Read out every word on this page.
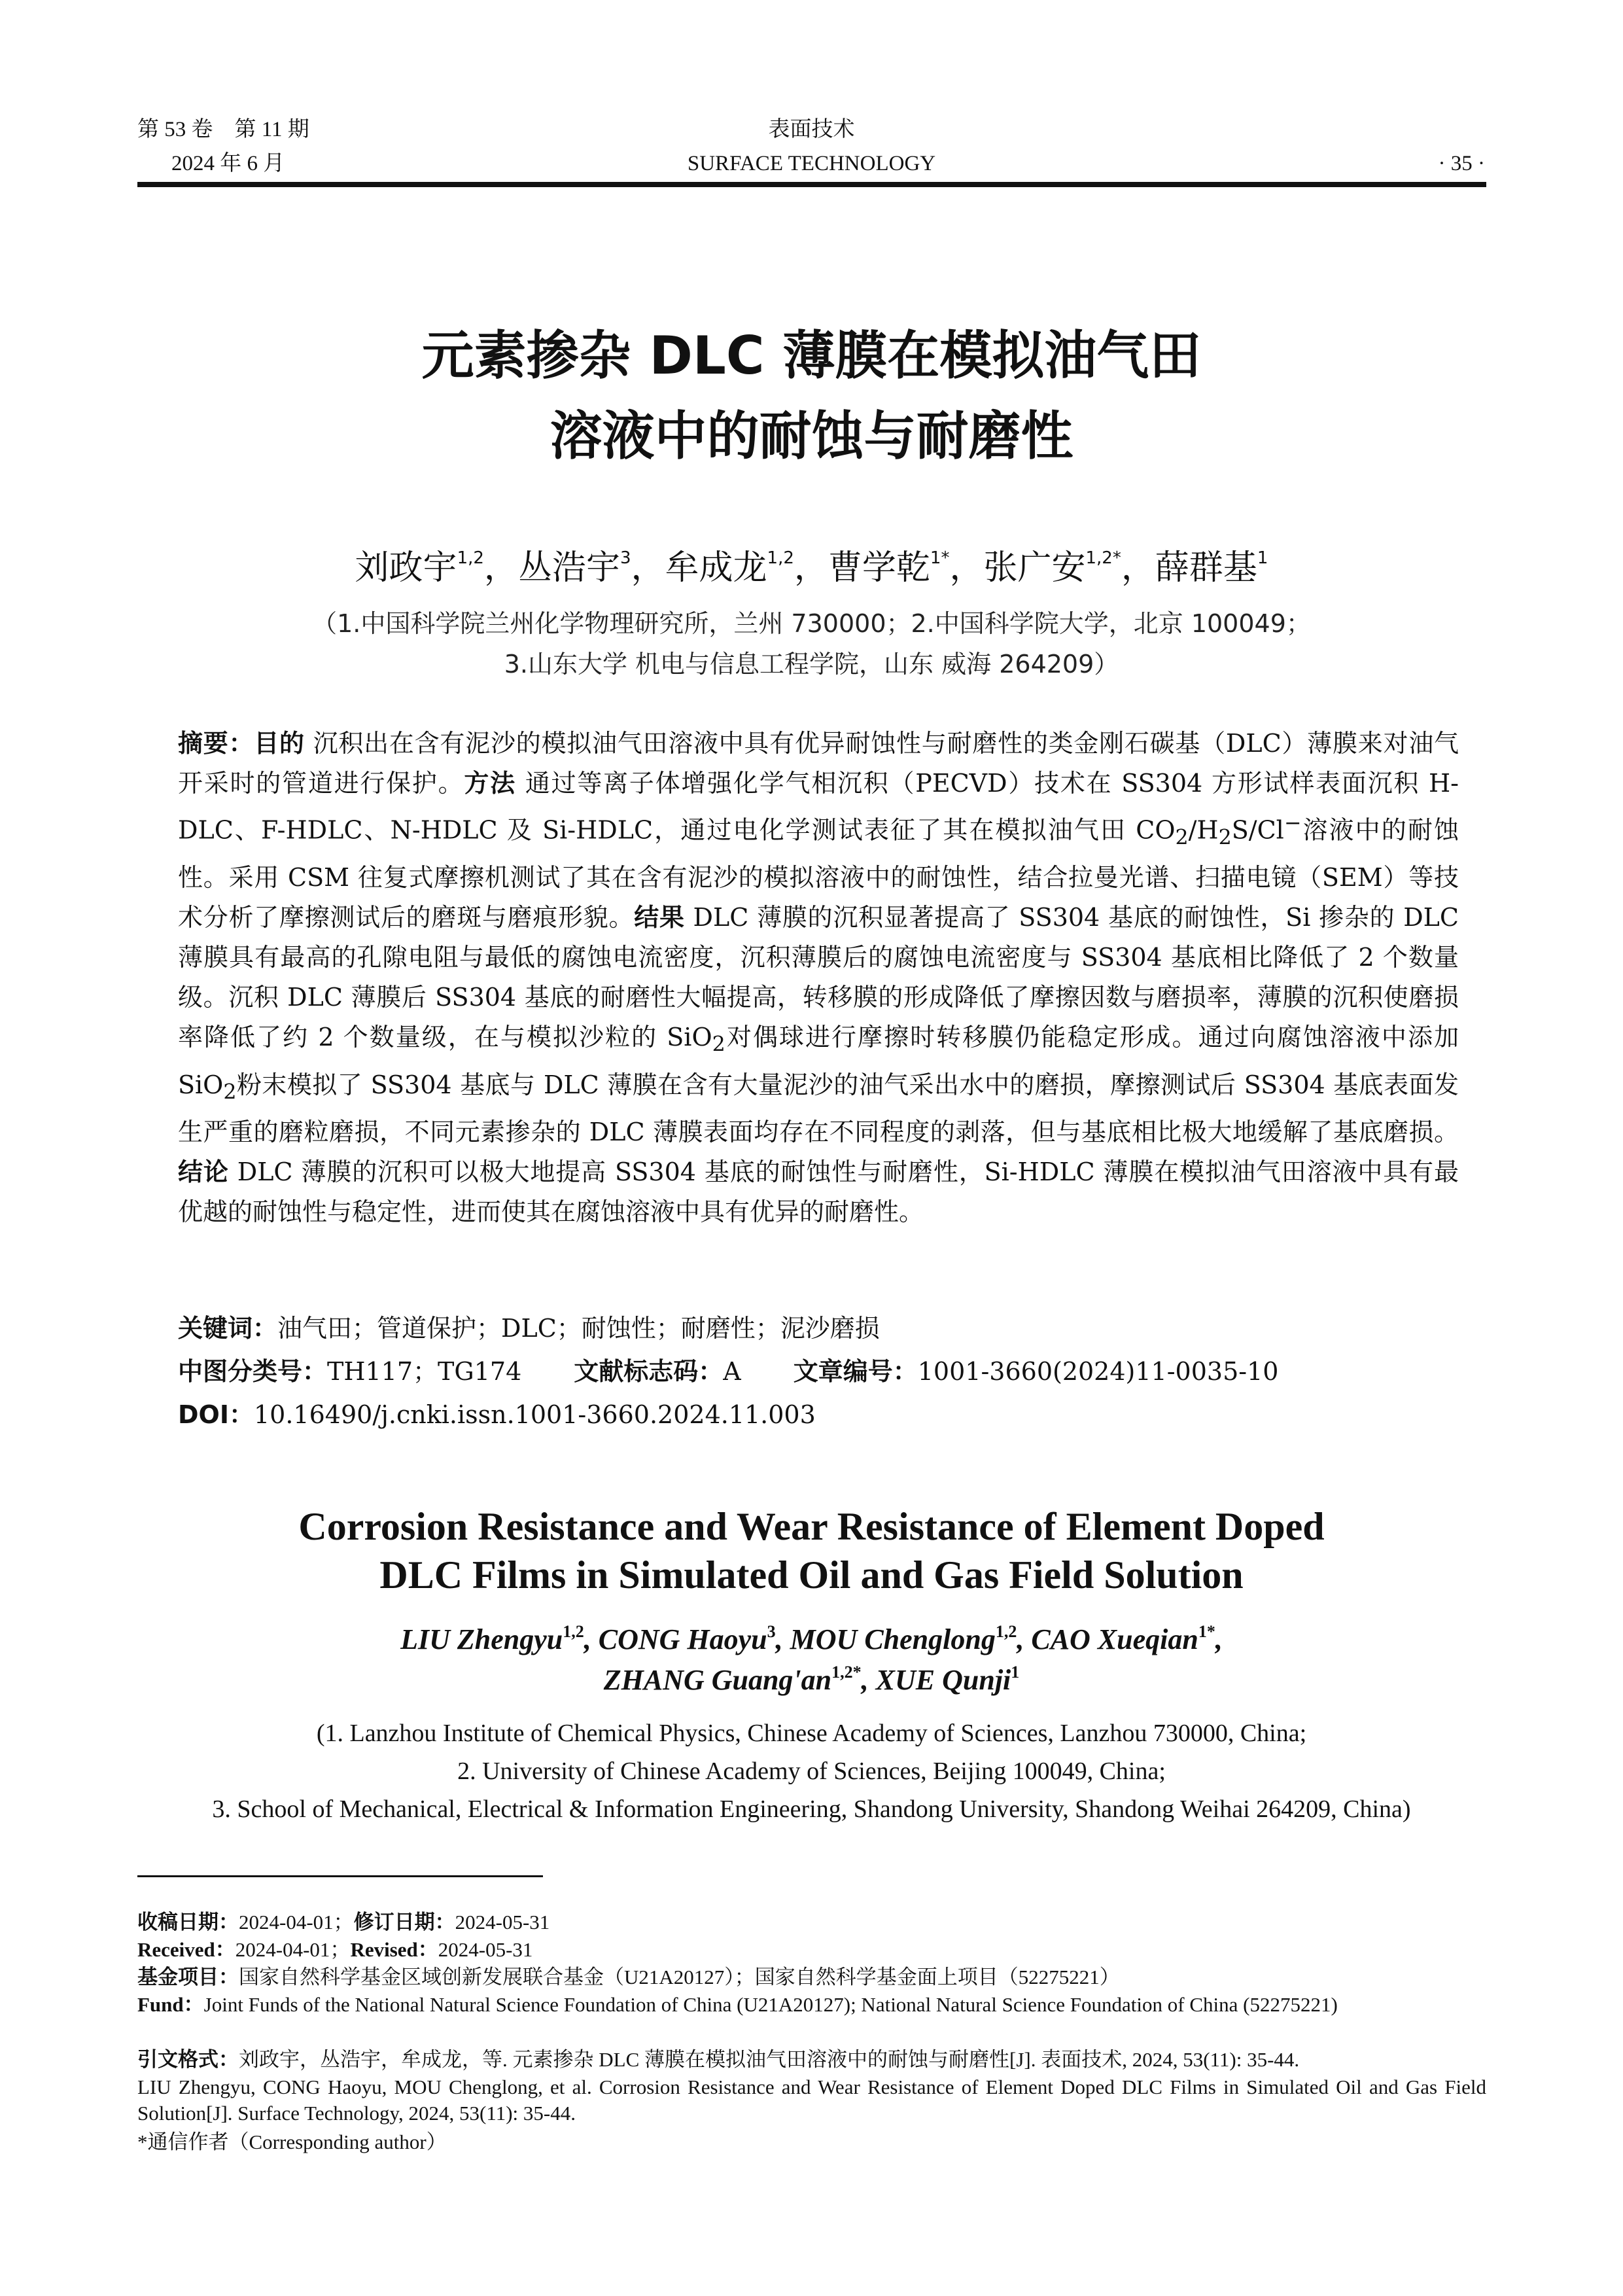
第 53 卷　第 11 期
2024 年 6 月
表面技术
SURFACE TECHNOLOGY	· 35 ·
元素掺杂 DLC 薄膜在模拟油气田
溶液中的耐蚀与耐磨性
刘政宇$^{1,2}$，丛浩宇$^3$，牟成龙$^{1,2}$，曹学乾$^{1*}$，张广安$^{1,2*}$，薛群基$^1$
（1.中国科学院兰州化学物理研究所，兰州 730000；2.中国科学院大学，北京 100049；
3.山东大学 机电与信息工程学院，山东 威海 264209）
摘要：目的 沉积出在含有泥沙的模拟油气田溶液中具有优异耐蚀性与耐磨性的类金刚石碳基（DLC）薄膜来对油气开采时的管道进行保护。方法 通过等离子体增强化学气相沉积（PECVD）技术在 SS304 方形试样表面沉积 H-DLC、F-HDLC、N-HDLC 及 Si-HDLC，通过电化学测试表征了其在模拟油气田 $CO_2/H_2S/Cl^-$溶液中的耐蚀性。采用 CSM 往复式摩擦机测试了其在含有泥沙的模拟溶液中的耐蚀性，结合拉曼光谱、扫描电镜（SEM）等技术分析了摩擦测试后的磨斑与磨痕形貌。结果 DLC 薄膜的沉积显著提高了 SS304 基底的耐蚀性，Si 掺杂的 DLC 薄膜具有最高的孔隙电阻与最低的腐蚀电流密度，沉积薄膜后的腐蚀电流密度与 SS304 基底相比降低了 2 个数量级。沉积 DLC 薄膜后 SS304 基底的耐磨性大幅提高，转移膜的形成降低了摩擦因数与磨损率，薄膜的沉积使磨损率降低了约 2 个数量级，在与模拟沙粒的 SiO$_2$对偶球进行摩擦时转移膜仍能稳定形成。通过向腐蚀溶液中添加 SiO$_2$粉末模拟了 SS304 基底与 DLC 薄膜在含有大量泥沙的油气采出水中的磨损，摩擦测试后 SS304 基底表面发生严重的磨粒磨损，不同元素掺杂的 DLC 薄膜表面均存在不同程度的剥落，但与基底相比极大地缓解了基底磨损。结论 DLC 薄膜的沉积可以极大地提高 SS304 基底的耐蚀性与耐磨性，Si-HDLC 薄膜在模拟油气田溶液中具有最优越的耐蚀性与稳定性，进而使其在腐蚀溶液中具有优异的耐磨性。
关键词：油气田；管道保护；DLC；耐蚀性；耐磨性；泥沙磨损
中图分类号：TH117；TG174 文献标志码：A 文章编号：1001-3660(2024)11-0035-10
DOI：10.16490/j.cnki.issn.1001-3660.2024.11.003
Corrosion Resistance and Wear Resistance of Element Doped
DLC Films in Simulated Oil and Gas Field Solution
LIU Zhengyu$^{1,2}$, CONG Haoyu$^3$, MOU Chenglong$^{1,2}$, CAO Xueqian$^{1*}$,
ZHANG $Guang'an^{1,2*}$, XUE Qunji$^1$
(1. Lanzhou Institute of Chemical Physics, Chinese Academy of Sciences, Lanzhou 730000, China;
2. University of Chinese Academy of Sciences, Beijing 100049, China;
3. School of Mechanical, Electrical & Information Engineering, Shandong University, Shandong Weihai 264209, China)
收稿日期：2024-04-01；修订日期：2024-05-31
Received：2024-04-01；Revised：2024-05-31
基金项目：国家自然科学基金区域创新发展联合基金（U21A20127）；国家自然科学基金面上项目（52275221）
Fund：Joint Funds of the National Natural Science Foundation of China (U21A20127); National Natural Science Foundation of China (52275221)
引文格式：刘政宇，丛浩宇，牟成龙，等. 元素掺杂 DLC 薄膜在模拟油气田溶液中的耐蚀与耐磨性[J]. 表面技术, 2024, 53(11): 35-44.
LIU Zhengyu, CONG Haoyu, MOU Chenglong, et al. Corrosion Resistance and Wear Resistance of Element Doped DLC Films in Simulated Oil and Gas Field Solution[J]. Surface Technology, 2024, 53(11): 35-44.
*通信作者（Corresponding author）
